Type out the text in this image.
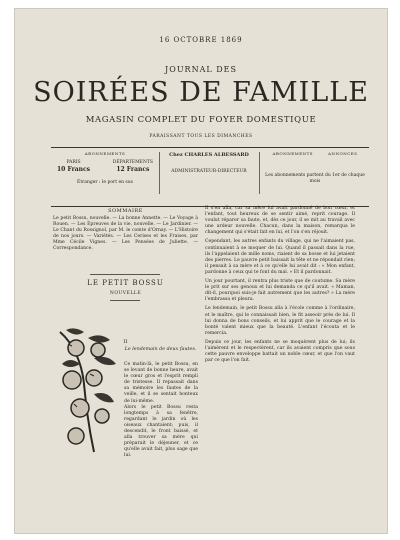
16 OCTOBRE 1869
JOURNAL DES
SOIRÉES DE FAMILLE
MAGASIN COMPLET DU FOYER DOMESTIQUE
PARAISSANT TOUS LES DIMANCHES
ABONNEMENTS
PARIS
10 Francs
DÉPARTEMENTS
12 Francs
Étranger : le port en sus
Chez CHARLES ALBESSARD
ADMINISTRATEUR-DIRECTEUR
ABONNEMENTS	ANNONCES
Les abonnements partent du 1er de chaque mois
SOMMAIRE

Le petit Bossu, nouvelle. — La bonne Annette. — Le Voyage à Rouen. — Les Épreuves de la vie, nouvelle. — Le Jardinier. — Le Chant du Rossignol, par M. le comte d'Ornay. — L'Histoire de nos jours. — Variétés. — Les Cerises et les Fraises, par Mme Cécile Vignes. — Les Pensées de Juliette. — Correspondance.

LE PETIT BOSSU
NOUVELLE
II
Le lendemain de deux fautes.

Ce matin-là, le petit Bossu, en se levant de bonne heure, avait le cœur gros et l'esprit rempli de tristesse. Il repassait dans sa mémoire les fautes de la veille, et il se sentait honteux de lui-même.

Alors le petit Bossu resta longtemps à sa fenêtre, regardant le jardin où les oiseaux chantaient; puis, il descendit, le front baissé, et alla trouver sa mère qui préparait le déjeuner, et ce qu'elle avait fait, plus sage que lui.

Il s'en alla, car sa mère lui avait pardonné de bon cœur, et l'enfant, tout heureux de se sentir aimé, reprit courage. Il voulut réparer sa faute, et, dès ce jour, il se mit au travail avec une ardeur nouvelle. Chacun, dans la maison, remarqua le changement qui s'était fait en lui, et l'on s'en réjouit.

Cependant, les autres enfants du village, qui ne l'aimaient pas, continuaient à se moquer de lui. Quand il passait dans la rue, ils l'appelaient de mille noms, riaient de sa bosse et lui jetaient des pierres. Le pauvre petit baissait la tête et ne répondait rien; il pensait à sa mère et à ce qu'elle lui avait dit : « Mon enfant, pardonne à ceux qui te font du mal. » Et il pardonnait.

Un jour pourtant, il rentra plus triste que de coutume. Sa mère le prit sur ses genoux et lui demanda ce qu'il avait. « Maman, dit-il, pourquoi suis-je fait autrement que les autres? » La mère l'embrassa et pleura.

Le lendemain, le petit Bossu alla à l'école comme à l'ordinaire, et le maître, qui le connaissait bien, le fit asseoir près de lui. Il lui donna de bons conseils, et lui apprit que le courage et la bonté valent mieux que la beauté. L'enfant l'écouta et le remercia.

Depuis ce jour, les enfants ne se moquèrent plus de lui; ils l'aimèrent et le respectèrent, car ils avaient compris que sous cette pauvre enveloppe battait un noble cœur, et que l'on vaut par ce que l'on fait.
